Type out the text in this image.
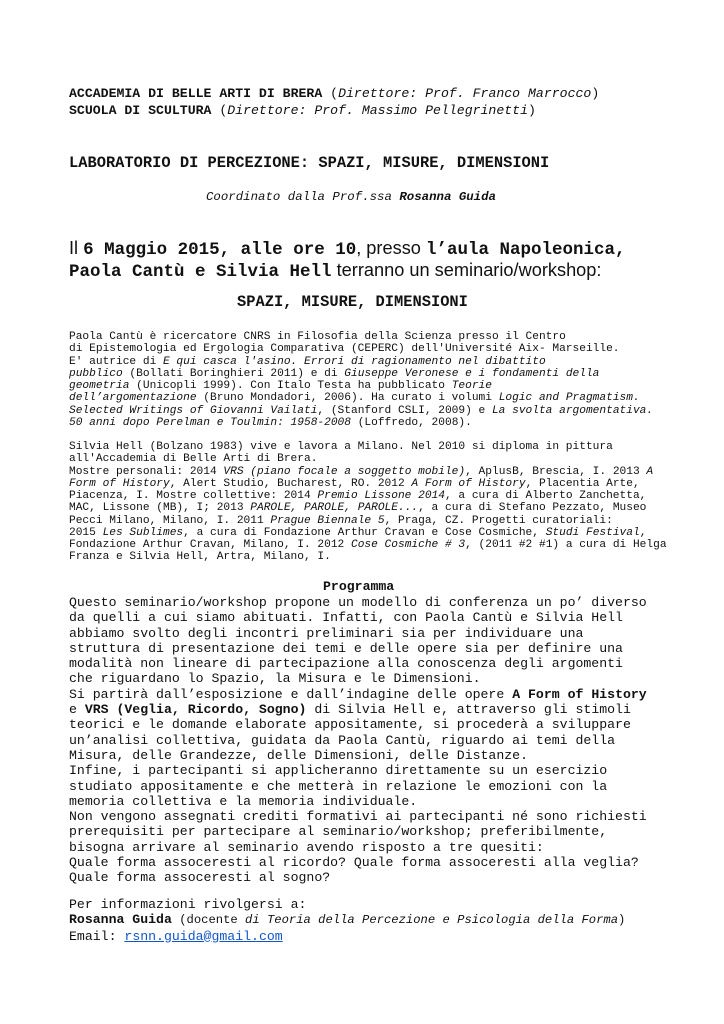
ACCADEMIA DI BELLE ARTI DI BRERA (Direttore: Prof. Franco Marrocco)
SCUOLA DI SCULTURA (Direttore: Prof. Massimo Pellegrinetti)
LABORATORIO DI PERCEZIONE: SPAZI, MISURE, DIMENSIONI
Coordinato dalla Prof.ssa Rosanna Guida
Il 6 Maggio 2015, alle ore 10, presso l’aula Napoleonica,
Paola Cantù e Silvia Hell terranno un seminario/workshop:
SPAZI, MISURE, DIMENSIONI
Paola Cantù è ricercatore CNRS in Filosofia della Scienza presso il Centro
di Epistemologia ed Ergologia Comparativa (CEPERC) dell'Université Aix- Marseille.
E' autrice di E qui casca l'asino. Errori di ragionamento nel dibattito
pubblico (Bollati Boringhieri 2011) e di Giuseppe Veronese e i fondamenti della
geometria (Unicopli 1999). Con Italo Testa ha pubblicato Teorie
dell’argomentazione (Bruno Mondadori, 2006). Ha curato i volumi Logic and Pragmatism.
Selected Writings of Giovanni Vailati, (Stanford CSLI, 2009) e La svolta argomentativa.
50 anni dopo Perelman e Toulmin: 1958-2008 (Loffredo, 2008).
Silvia Hell (Bolzano 1983) vive e lavora a Milano. Nel 2010 si diploma in pittura
all'Accademia di Belle Arti di Brera.
Mostre personali: 2014 VRS (piano focale a soggetto mobile), AplusB, Brescia, I. 2013 A
Form of History, Alert Studio, Bucharest, RO. 2012 A Form of History, Placentia Arte,
Piacenza, I. Mostre collettive: 2014 Premio Lissone 2014, a cura di Alberto Zanchetta,
MAC, Lissone (MB), I; 2013 PAROLE, PAROLE, PAROLE..., a cura di Stefano Pezzato, Museo
Pecci Milano, Milano, I. 2011 Prague Biennale 5, Praga, CZ. Progetti curatoriali:
2015 Les Sublimes, a cura di Fondazione Arthur Cravan e Cose Cosmiche, Studi Festival,
Fondazione Arthur Cravan, Milano, I. 2012 Cose Cosmiche # 3, (2011 #2 #1) a cura di Helga
Franza e Silvia Hell, Artra, Milano, I.
Programma
Questo seminario/workshop propone un modello di conferenza un po’ diverso
da quelli a cui siamo abituati. Infatti, con Paola Cantù e Silvia Hell
abbiamo svolto degli incontri preliminari sia per individuare una
struttura di presentazione dei temi e delle opere sia per definire una
modalità non lineare di partecipazione alla conoscenza degli argomenti
che riguardano lo Spazio, la Misura e le Dimensioni.
Si partirà dall’esposizione e dall’indagine delle opere A Form of History
e VRS (Veglia, Ricordo, Sogno) di Silvia Hell e, attraverso gli stimoli
teorici e le domande elaborate appositamente, si procederà a sviluppare
un’analisi collettiva, guidata da Paola Cantù, riguardo ai temi della
Misura, delle Grandezze, delle Dimensioni, delle Distanze.
Infine, i partecipanti si applicheranno direttamente su un esercizio
studiato appositamente e che metterà in relazione le emozioni con la
memoria collettiva e la memoria individuale.
Non vengono assegnati crediti formativi ai partecipanti né sono richiesti
prerequisiti per partecipare al seminario/workshop; preferibilmente,
bisogna arrivare al seminario avendo risposto a tre quesiti:
Quale forma assoceresti al ricordo? Quale forma assoceresti alla veglia?
Quale forma assoceresti al sogno?
Per informazioni rivolgersi a:
Rosanna Guida (docente di Teoria della Percezione e Psicologia della Forma)
Email: rsnn.guida@gmail.com
